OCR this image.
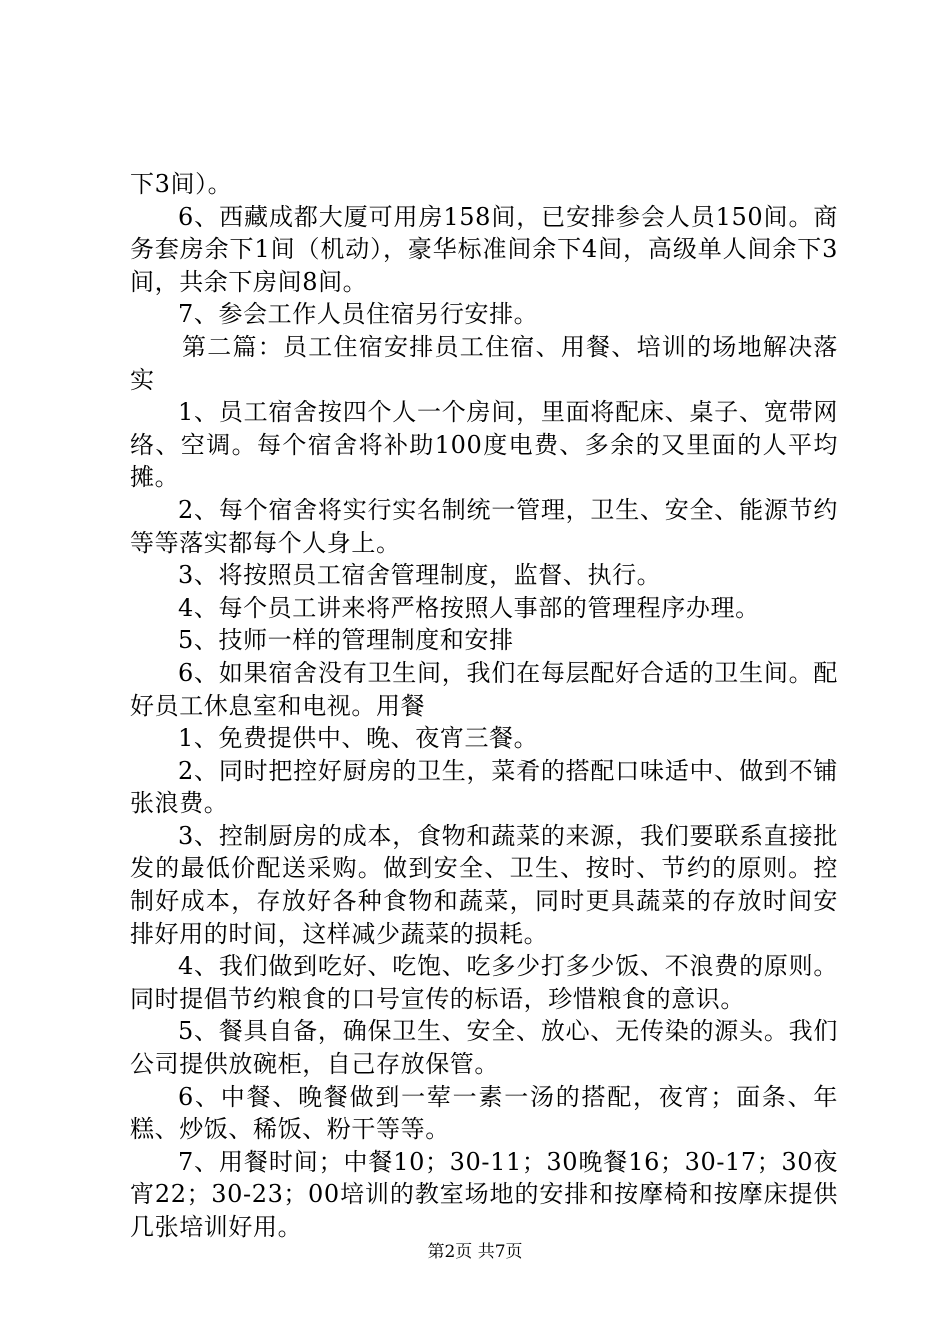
下3间）。

6、西藏成都大厦可用房158间，已安排参会人员150间。商务套房余下1间（机动），豪华标准间余下4间，高级单人间余下3间，共余下房间8间。

7、参会工作人员住宿另行安排。

第二篇：员工住宿安排员工住宿、用餐、培训的场地解决落实

1、员工宿舍按四个人一个房间，里面将配床、桌子、宽带网络、空调。每个宿舍将补助100度电费、多余的又里面的人平均摊。

2、每个宿舍将实行实名制统一管理，卫生、安全、能源节约等等落实都每个人身上。

3、将按照员工宿舍管理制度，监督、执行。

4、每个员工讲来将严格按照人事部的管理程序办理。

5、技师一样的管理制度和安排

6、如果宿舍没有卫生间，我们在每层配好合适的卫生间。配好员工休息室和电视。用餐

1、免费提供中、晚、夜宵三餐。

2、同时把控好厨房的卫生，菜肴的搭配口味适中、做到不铺张浪费。

3、控制厨房的成本，食物和蔬菜的来源，我们要联系直接批发的最低价配送采购。做到安全、卫生、按时、节约的原则。控制好成本，存放好各种食物和蔬菜，同时更具蔬菜的存放时间安排好用的时间，这样减少蔬菜的损耗。

4、我们做到吃好、吃饱、吃多少打多少饭、不浪费的原则。同时提倡节约粮食的口号宣传的标语，珍惜粮食的意识。

5、餐具自备，确保卫生、安全、放心、无传染的源头。我们公司提供放碗柜，自己存放保管。

6、中餐、晚餐做到一荤一素一汤的搭配，夜宵；面条、年糕、炒饭、稀饭、粉干等等。

7、用餐时间；中餐10；30-11；30晚餐16；30-17；30夜宵22；30-23；00培训的教室场地的安排和按摩椅和按摩床提供几张培训好用。

第2页 共7页
